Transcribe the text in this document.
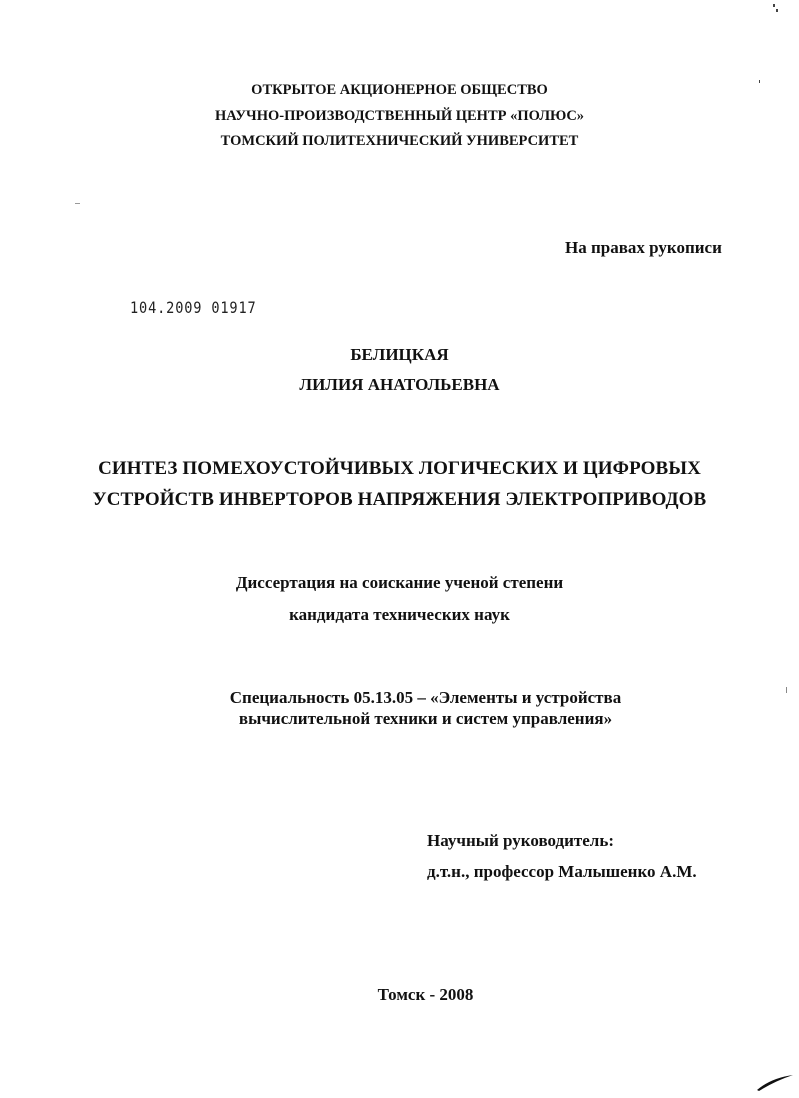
ОТКРЫТОЕ АКЦИОНЕРНОЕ ОБЩЕСТВО
НАУЧНО-ПРОИЗВОДСТВЕННЫЙ ЦЕНТР «ПОЛЮС»
ТОМСКИЙ ПОЛИТЕХНИЧЕСКИЙ УНИВЕРСИТЕТ
На правах рукописи
104.2009 01917
БЕЛИЦКАЯ
ЛИЛИЯ АНАТОЛЬЕВНА
СИНТЕЗ ПОМЕХОУСТОЙЧИВЫХ ЛОГИЧЕСКИХ И ЦИФРОВЫХ
УСТРОЙСТВ ИНВЕРТОРОВ НАПРЯЖЕНИЯ ЭЛЕКТРОПРИВОДОВ
Диссертация на соискание ученой степени
кандидата технических наук
Специальность 05.13.05 – «Элементы и устройства
вычислительной техники и систем управления»
Научный руководитель:
д.т.н., профессор Малышенко А.М.
Томск - 2008
